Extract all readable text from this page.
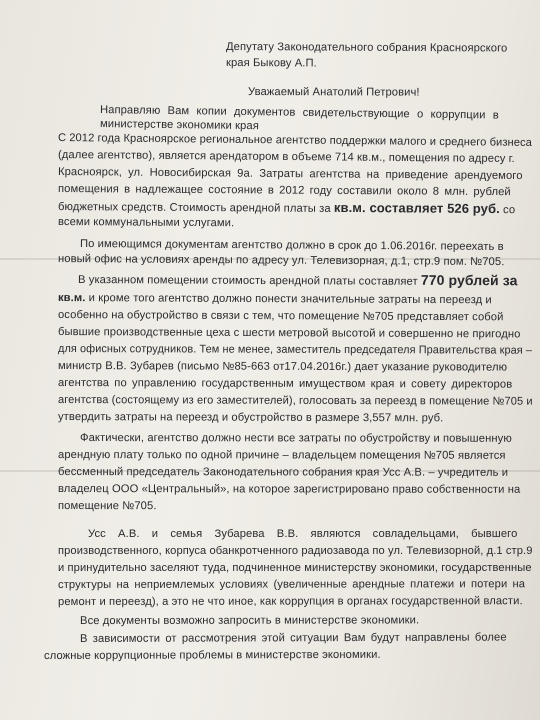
Депутату Законодательного собрания Красноярского
края Быкову А.П.
Уважаемый Анатолий Петрович!
Направляю Вам копии документов свидетельствующие о коррупции в
министерстве экономики края
С 2012 года Красноярское региональное агентство поддержки малого и среднего бизнеса
(далее агентство), является арендатором в объеме 714 кв.м., помещения по адресу г.
Красноярск, ул. Новосибирская 9а. Затраты агентства на приведение арендуемого
помещения в надлежащее состояние в 2012 году составили около 8 млн. рублей
бюджетных средств. Стоимость арендной платы за кв.м. составляет 526 руб. со
всеми коммунальными услугами.
По имеющимся документам агентство должно в срок до 1.06.2016г. переехать в
новый офис на условиях аренды по адресу ул. Телевизорная, д.1, стр.9 пом. №705.
В указанном помещении стоимость арендной платы составляет 770 рублей за
кв.м. и кроме того агентство должно понести значительные затраты на переезд и
особенно на обустройство в связи с тем, что помещение №705 представляет собой
бывшие производственные цеха с шести метровой высотой и совершенно не пригодно
для офисных сотрудников. Тем не менее, заместитель председателя Правительства края –
министр В.В. Зубарев (письмо №85-663 от17.04.2016г.) дает указание руководителю
агентства по управлению государственным имуществом края и совету директоров
агентства (состоящему из его заместителей), голосовать за переезд в помещение №705 и
утвердить затраты на переезд и обустройство в размере 3,557 млн. руб.
Фактически, агентство должно нести все затраты по обустройству и повышенную
арендную плату только по одной причине – владельцем помещения №705 является
бессменный председатель Законодательного собрания края Усс А.В. – учредитель и
владелец ООО «Центральный», на которое зарегистрировано право собственности на
помещение №705.
Усс А.В. и семья Зубарева В.В. являются совладельцами, бывшего
производственного, корпуса обанкротченного радиозавода по ул. Телевизорной, д.1 стр.9
и принудительно заселяют туда, подчиненное министерству экономики, государственные
структуры на неприемлемых условиях (увеличенные арендные платежи и потери на
ремонт и переезд), а это не что иное, как коррупция в органах государственной власти.
Все документы возможно запросить в министерстве экономики.
В зависимости от рассмотрения этой ситуации Вам будут направлены более
сложные коррупционные проблемы в министерстве экономики.
